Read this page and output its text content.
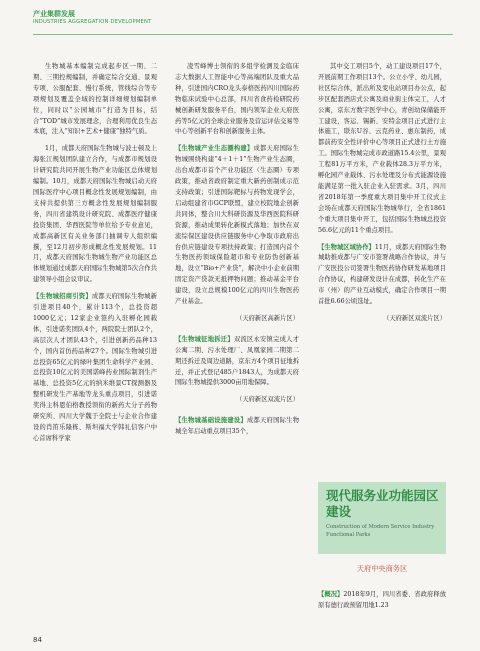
产业集群发展
INDUSTRIES AGGREGATION DEVELOPMENT

生物城基本编制完成起步区一期、二期、三期控规编制，并确定综合交通、景观专项、公服配套、慢行系统，管线综合等专项规划及覆盖全域的控制详细规划编制单位，同时以“公园城市”打造为目标，结合“TOD”城市发展理念，合理利用优良生态本底，注入“知识+艺术+健康”独特气质。

1月，成都天府国际生物城与波士顿及上海张江规划团队建立合作，与成都市规划设计研究院共同开展生物产业功能区总体规划编制。10月，成都天府国际生物城启动天府国际医疗中心项目概念性发展规划编制，由支持共提供第三方概念性发展规划编制服务，四川省建筑设计研究院、成都医疗健康投资集团、华西医院等单位给予专业意见，成都高新区有关业务部门抽调专人组织编撰，至12月初步形成概念性发展规划。11月，成都天府国际生物城生物产业功能区总体规划通过成都天府国际生物城第5次合作共建领导小组会议审议。

【生物城招商引资】成都天府国际生物城新引进项目40个，累计113个，总投资超1000亿元；12家企业签约入驻孵化园载体，引进诺奖团队4个，两院院士团队2个，高层次人才团队43个，引进创新药品种13个，国内首仿药品种27个。国际生物城引进总投资65亿元的绿叶集团生命科学产业园、总投资10亿元的美国诺峰药业国际制剂生产基地、总投资5亿元的纳米维景CT探测器及整机研发生产基地等龙头重点项目，引进诺奖得主科恩伯格教授领衔的新药大分子药物研究所、四川大学魏于全院士与企业合作建设的肖笛乐隆栋、斯坦福大学韩礼信客户中心首席科学家

凌雪峰博士领衔的多组学检测及金临床志大数据人工智能中心等高端团队及重大品种，引进国内CRO龙头泰格医药四川国际药物临床试验中心总部，四川省食药检研院药械创新研发服务平台，国内领军企业天府医药等5亿元的全球企业服务及营运评估交易等中心等创新平台和创新服务主体。

【生物城产业生态圈构建】成都天府国际生物城围绕构建“4＋1＋1”生物产业生态圈，出台成都市首个产业功能区（生态圈）专项政策，推动省政府制定重大新药创制成示范支持政策；引进国际靶标与药物发现学会，启动组建省市GCP联盟，建立校院地企创新共同体，整合川大科研资源及华西医院科研资源，推动成果转化新模式落地；加快在双流综保区建设供应链服务中心争取市政府出台供应链建设专项扶持政策；打造国内首个生物医药领域保险超市和专业防伪创新基地，设立“Bio+产业贷”，解决中小企业前期固定资产贷款无抵押物问题；推动基金平台建设，设立总规模100亿元的四川生物医药产业基金。

（天府新区高新片区）

【生物城征地拆迁】双流区永安镇完成人才公寓二期、污水处理厂、凤凰家园二期第二期还拆迁及周边道路，京东方4个项目征地拆迁，并正式登记485户1843人，为成都天府国际生物城提供3000亩用地保障。

（天府新区双流片区）

【生物城基础设施建设】成都天府国际生物城全年启动重点项目35个，

其中交工项目5个，动工建设项目17个，开展前期工作项目13个。公立小学、幼儿园，社区综合体，派出所及变电站项目办公点，起步区配套酒店式公寓及商业街主体完工，人才公寓，京东方数字医学中心，青创幼保储能开工建设，客运、锡新、安特金项目正式进行主体施工，联东U谷、云克药业、惠东制药，成都前药安全性评价中心等项目正式进行土方施工。国际生物城完成市政道路15.4公里，景观工程81万平方米，产业载体28.3万平方米，孵化园产业载体、污水处理及分布式能源设施能满足第一批入驻企业入驻需求。3月，四川省2018年第一季度重大项目集中开工仪式主会场在成都天府国际生物城举行，全省1861个重大项目集中开工，包括国际生物城总投资56.6亿元的11个重点项目。

【生物城区域协作】11月，成都天府国际生物城助推成都与广安市签署战略合作协议，并与广安医投公司签署生物医药协作研发基地项目合作协议，构建研发设计在成都，转化生产在市（州）的产业互动模式，确定合作项目一期首批6.66公顷选址。

（天府新区双流片区）

现代服务业功能园区建设
Construction of Modern Service Industry Functional Parks
天府中央商务区

【概况】2018年9月，四川省委、省政府释放原有德行政预留用地1.23

84
